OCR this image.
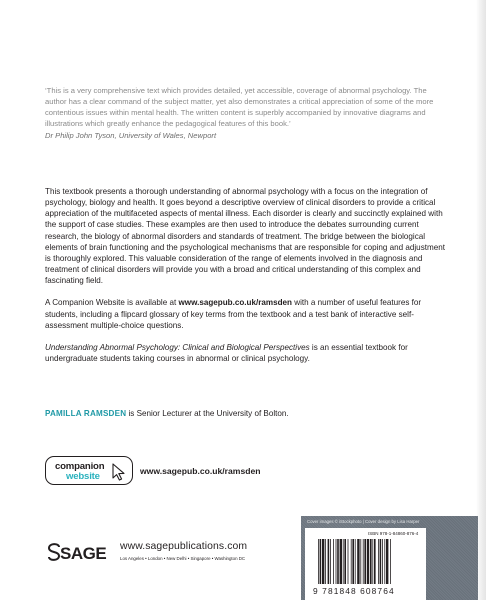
‘This is a very comprehensive text which provides detailed, yet accessible, coverage of abnormal psychology. The author has a clear command of the subject matter, yet also demonstrates a critical appreciation of some of the more contentious issues within mental health. The written content is superbly accompanied by innovative diagrams and illustrations which greatly enhance the pedagogical features of this book.’
Dr Philip John Tyson, University of Wales, Newport

This textbook presents a thorough understanding of abnormal psychology with a focus on the integration of psychology, biology and health. It goes beyond a descriptive overview of clinical disorders to provide a critical appreciation of the multifaceted aspects of mental illness. Each disorder is clearly and succinctly explained with the support of case studies. These examples are then used to introduce the debates surrounding current research, the biology of abnormal disorders and standards of treatment. The bridge between the biological elements of brain functioning and the psychological mechanisms that are responsible for coping and adjustment is thoroughly explored. This valuable consideration of the range of elements involved in the diagnosis and treatment of clinical disorders will provide you with a broad and critical understanding of this complex and fascinating field.

A Companion Website is available at www.sagepub.co.uk/ramsden with a number of useful features for students, including a flipcard glossary of key terms from the textbook and a test bank of interactive self-assessment multiple-choice questions.

Understanding Abnormal Psychology: Clinical and Biological Perspectives is an essential textbook for undergraduate students taking courses in abnormal or clinical psychology.

PAMILLA RAMSDEN is Senior Lecturer at the University of Bolton.
companion
website	www.sagepub.co.uk/ramsden
SAGE www.sagepublications.com
Los Angeles • London • New Delhi • Singapore • Washington DC
Cover images © iStockphoto | Cover design by Lisa Harper
ISBN 978-1-84860-876-4
9 781848 608764
